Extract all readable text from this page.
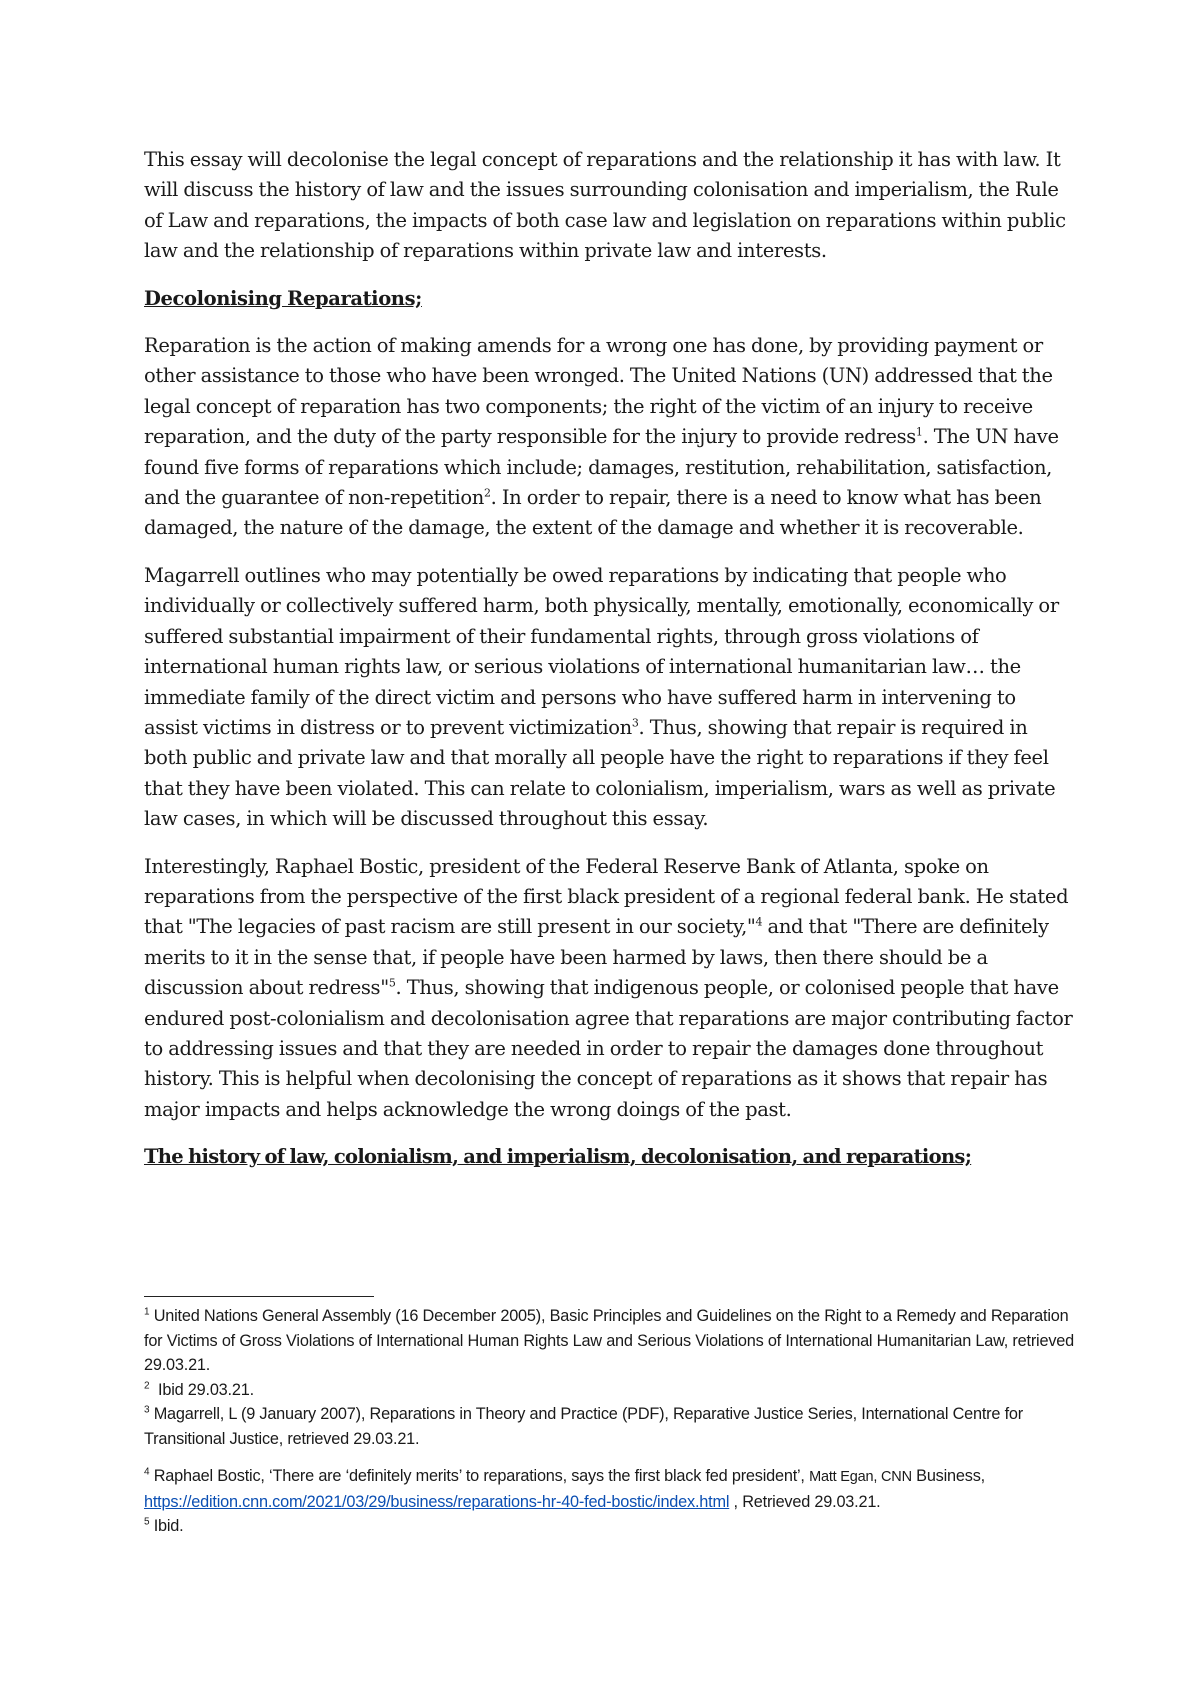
This essay will decolonise the legal concept of reparations and the relationship it has with law. It will discuss the history of law and the issues surrounding colonisation and imperialism, the Rule of Law and reparations, the impacts of both case law and legislation on reparations within public law and the relationship of reparations within private law and interests.

Decolonising Reparations;

Reparation is the action of making amends for a wrong one has done, by providing payment or other assistance to those who have been wronged. The United Nations (UN) addressed that the legal concept of reparation has two components; the right of the victim of an injury to receive reparation, and the duty of the party responsible for the injury to provide redress$^1$. The UN have found five forms of reparations which include; damages, restitution, rehabilitation, satisfaction, and the guarantee of non-repetition$^2$. In order to repair, there is a need to know what has been damaged, the nature of the damage, the extent of the damage and whether it is recoverable.

Magarrell outlines who may potentially be owed reparations by indicating that people who individually or collectively suffered harm, both physically, mentally, emotionally, economically or suffered substantial impairment of their fundamental rights, through gross violations of international human rights law, or serious violations of international humanitarian law… the immediate family of the direct victim and persons who have suffered harm in intervening to assist victims in distress or to prevent victimization$^3$. Thus, showing that repair is required in both public and private law and that morally all people have the right to reparations if they feel that they have been violated. This can relate to colonialism, imperialism, wars as well as private law cases, in which will be discussed throughout this essay.

Interestingly, Raphael Bostic, president of the Federal Reserve Bank of Atlanta, spoke on reparations from the perspective of the first black president of a regional federal bank. He stated that "The legacies of past racism are still present in our society,"$^4$ and that "There are definitely merits to it in the sense that, if people have been harmed by laws, then there should be a discussion about redress"$^5$. Thus, showing that indigenous people, or colonised people that have endured post-colonialism and decolonisation agree that reparations are major contributing factor to addressing issues and that they are needed in order to repair the damages done throughout history. This is helpful when decolonising the concept of reparations as it shows that repair has major impacts and helps acknowledge the wrong doings of the past.

The history of law, colonialism, and imperialism, decolonisation, and reparations;

$^1$ United Nations General Assembly (16 December 2005), Basic Principles and Guidelines on the Right to a Remedy and Reparation for Victims of Gross Violations of International Human Rights Law and Serious Violations of International Humanitarian Law, retrieved 29.03.21.

$^2$  Ibid 29.03.21.

$^3$ Magarrell, L (9 January 2007), Reparations in Theory and Practice (PDF), Reparative Justice Series, International Centre for Transitional Justice, retrieved 29.03.21.

$^4$ Raphael Bostic, ‘There are ‘definitely merits’ to reparations, says the first black fed president’, Matt Egan, CNN Business, https://edition.cnn.com/2021/03/29/business/reparations-hr-40-fed-bostic/index.html , Retrieved 29.03.21.

$^5$ Ibid.
